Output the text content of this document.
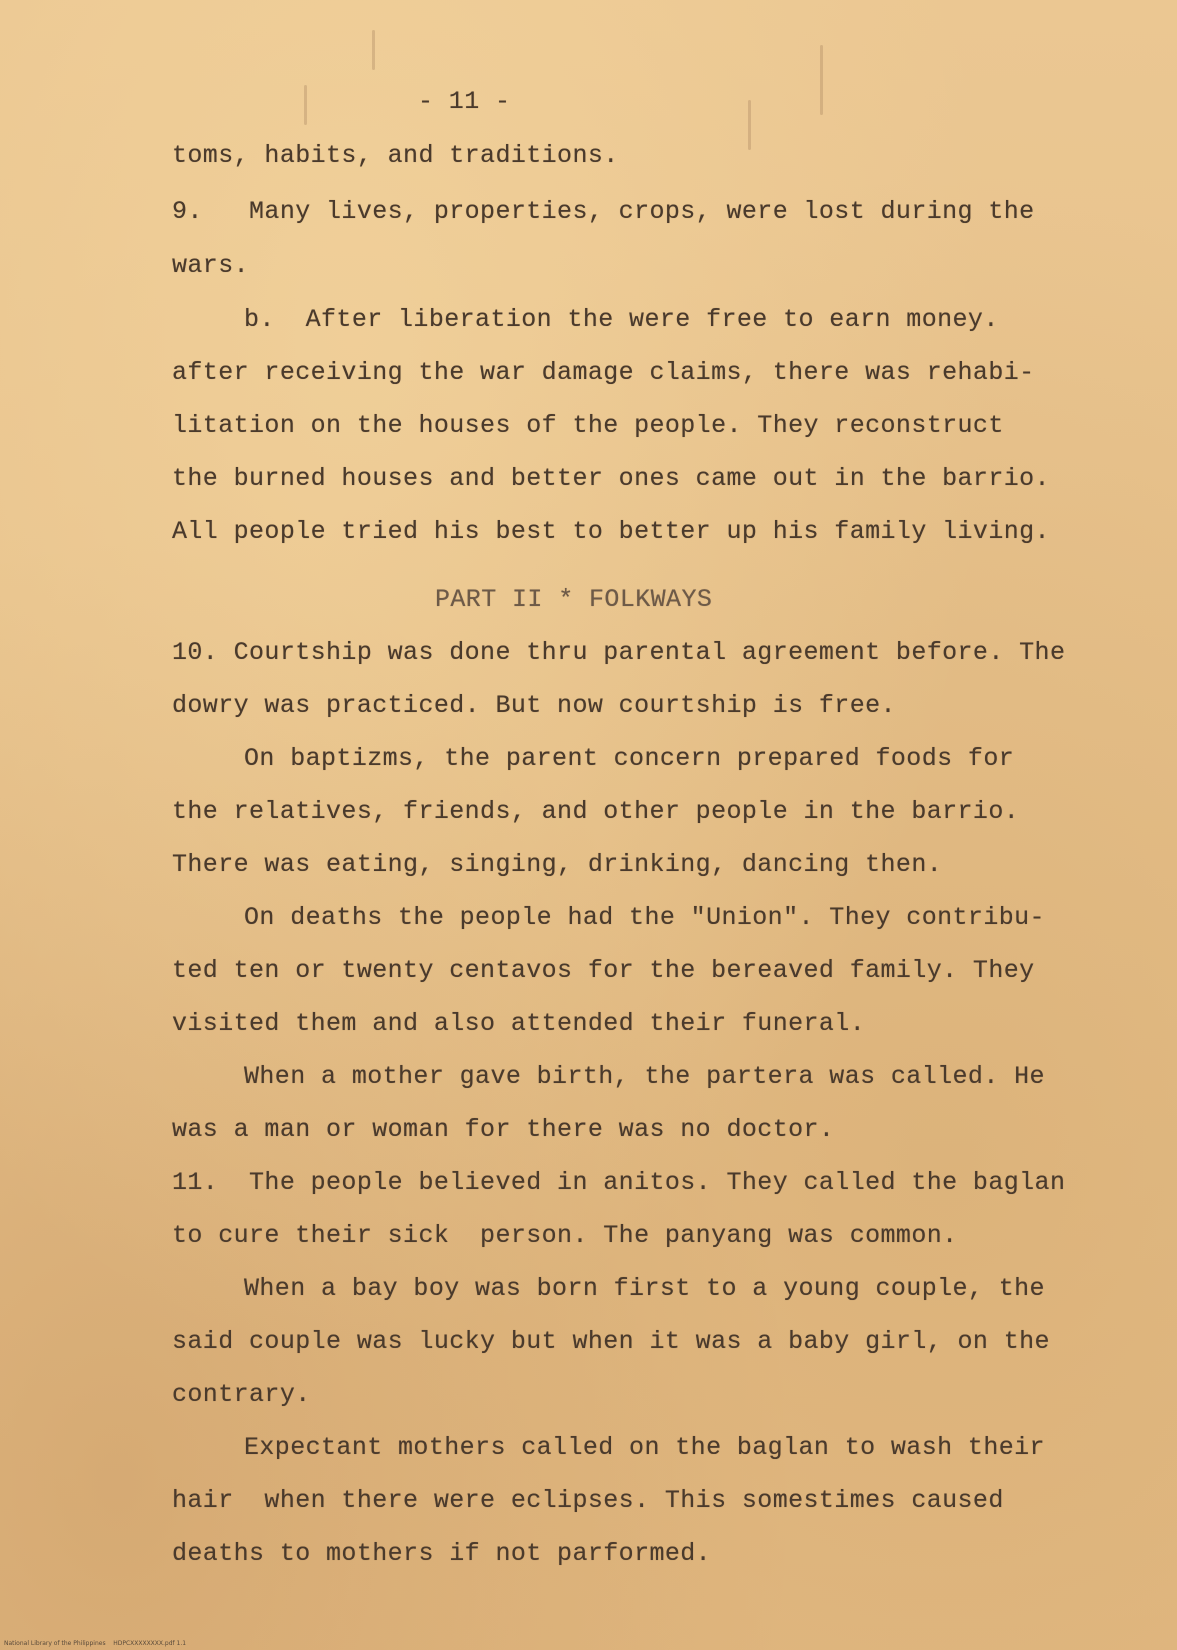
- 11 -
toms, habits, and traditions.
9.   Many lives, properties, crops, were lost during the
wars.
b.  After liberation the were free to earn money.
after receiving the war damage claims, there was rehabi-
litation on the houses of the people. They reconstruct
the burned houses and better ones came out in the barrio.
All people tried his best to better up his family living.
PART II * FOLKWAYS
10. Courtship was done thru parental agreement before. The
dowry was practiced. But now courtship is free.
On baptizms, the parent concern prepared foods for
the relatives, friends, and other people in the barrio.
There was eating, singing, drinking, dancing then.
On deaths the people had the "Union". They contribu-
ted ten or twenty centavos for the bereaved family. They
visited them and also attended their funeral.
When a mother gave birth, the partera was called. He
was a man or woman for there was no doctor.
11.  The people believed in anitos. They called the baglan
to cure their sick  person. The panyang was common.
When a bay boy was born first to a young couple, the
said couple was lucky but when it was a baby girl, on the
contrary.
Expectant mothers called on the baglan to wash their
hair  when there were eclipses. This somestimes caused
deaths to mothers if not parformed.
National Library of the Philippines    HDPCXXXXXXXX.pdf 1.1
